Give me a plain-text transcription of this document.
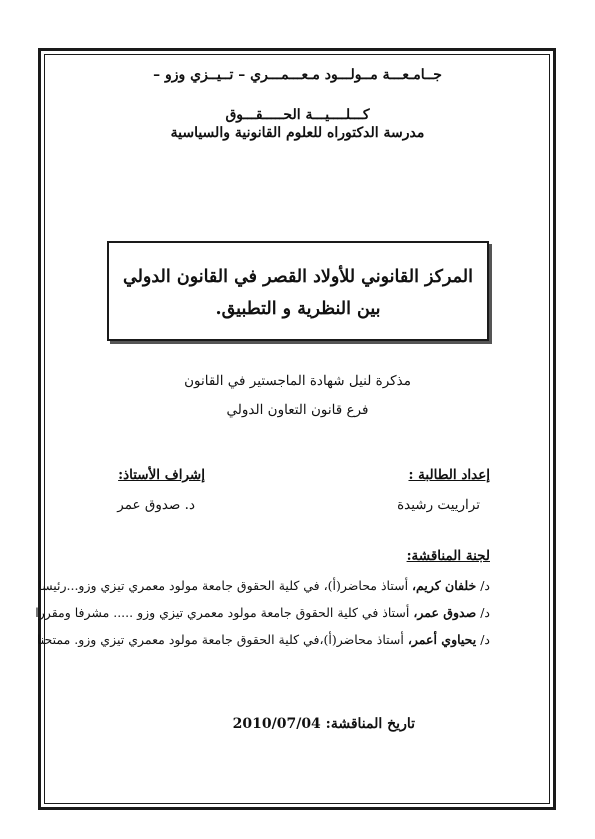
جــامـعـــة مــولـــود مـعـــمـــري – تــيــزي وزو –
كـــلــــيـــة الحـــــقـــوق
مدرسة الدكتوراه للعلوم القانونية والسياسية
المركز القانوني للأولاد القصر في القانون الدولي
بين النظرية و التطبيق.
مذكرة لنيل شهادة الماجستير في القانون
فرع قانون التعاون الدولي
إعداد الطالبة :
إشراف الأستاذ:
ترارييت رشيدة
د. صدوق عمر
لجنة المناقشة:
د/ خلفان كريم، أستاذ محاضر(أ)، في كلية الحقوق جامعة مولود معمري تيزي وزو...رئيسا
د/ صدوق عمر، أستاذ في كلية الحقوق جامعة مولود معمري تيزي وزو ..... مشرفا ومقررا
د/ يحياوي أعمر، أستاذ محاضر(أ)،في كلية الحقوق جامعة مولود معمري تيزي وزو. ممتحنا
تاريخ المناقشة: 2010/07/04
